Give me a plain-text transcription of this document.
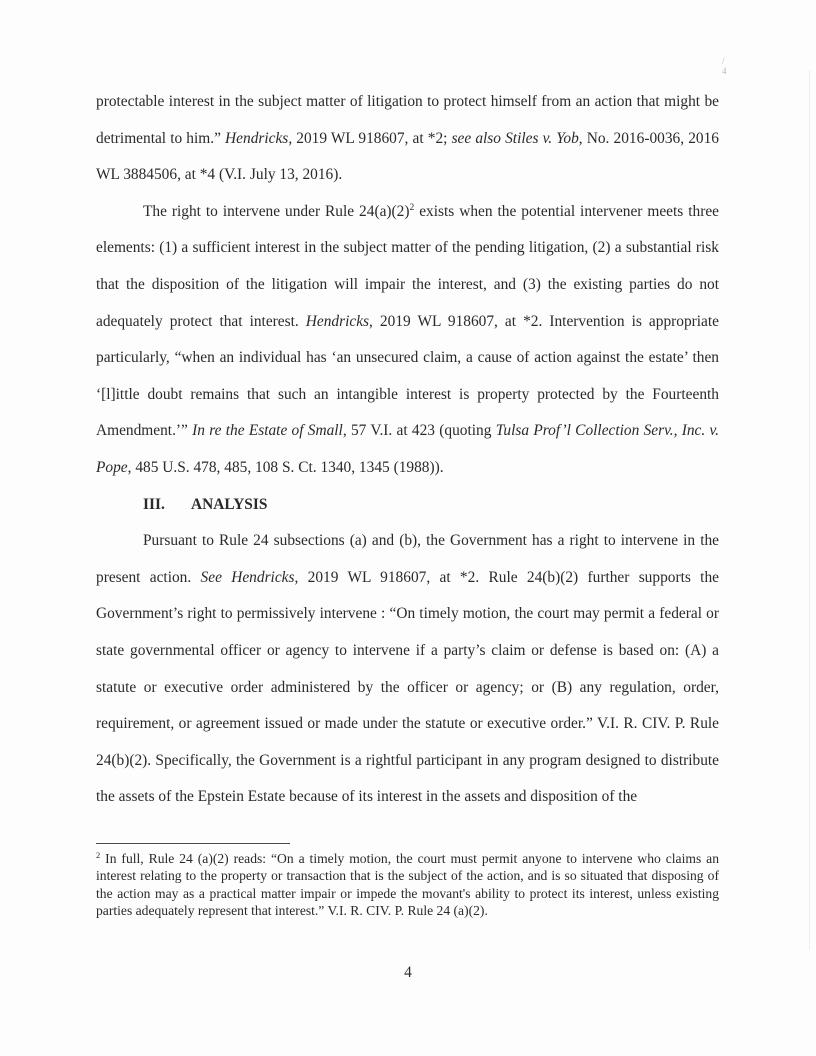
/ 4

protectable interest in the subject matter of litigation to protect himself from an action that might be detrimental to him.” Hendricks, 2019 WL 918607, at *2; see also Stiles v. Yob, No. 2016-0036, 2016 WL 3884506, at *4 (V.I. July 13, 2016).

The right to intervene under Rule $24(a)(2)^2$ exists when the potential intervener meets three elements: (1) a sufficient interest in the subject matter of the pending litigation, (2) a substantial risk that the disposition of the litigation will impair the interest, and (3) the existing parties do not adequately protect that interest. Hendricks, 2019 WL 918607, at *2. Intervention is appropriate particularly, “when an individual has ‘an unsecured claim, a cause of action against the estate’ then ‘[l]ittle doubt remains that such an intangible interest is property protected by the Fourteenth Amendment.’” In re the Estate of Small, 57 V.I. at 423 (quoting Tulsa Prof’l Collection Serv., Inc. v. Pope, 485 U.S. 478, 485, 108 S. Ct. 1340, 1345 (1988)).

III. ANALYSIS

Pursuant to Rule 24 subsections (a) and (b), the Government has a right to intervene in the present action. See Hendricks, 2019 WL 918607, at *2. Rule 24(b)(2) further supports the Government’s right to permissively intervene : “On timely motion, the court may permit a federal or state governmental officer or agency to intervene if a party’s claim or defense is based on: (A) a statute or executive order administered by the officer or agency; or (B) any regulation, order, requirement, or agreement issued or made under the statute or executive order.” V.I. R. CIV. P. Rule 24(b)(2). Specifically, the Government is a rightful participant in any program designed to distribute the assets of the Epstein Estate because of its interest in the assets and disposition of the

$^2$ In full, Rule 24 (a)(2) reads: “On a timely motion, the court must permit anyone to intervene who claims an interest relating to the property or transaction that is the subject of the action, and is so situated that disposing of the action may as a practical matter impair or impede the movant's ability to protect its interest, unless existing parties adequately represent that interest.” V.I. R. CIV. P. Rule 24 (a)(2).

4
